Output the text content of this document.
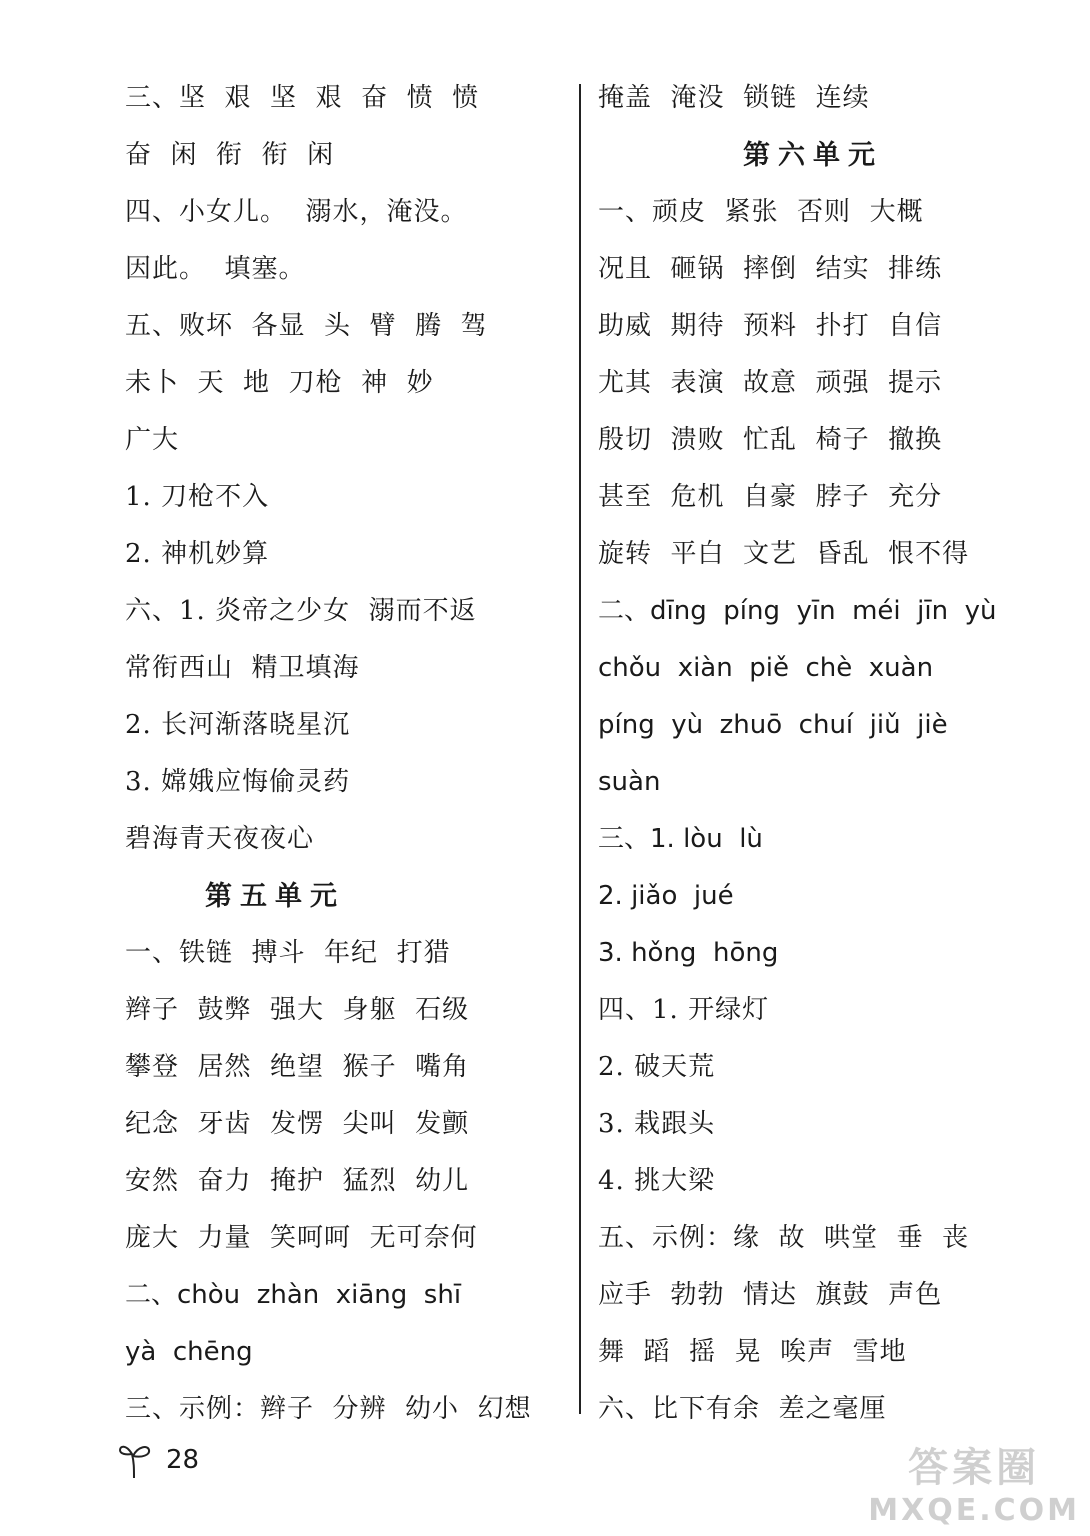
三、坚  艰  坚  艰  奋  愤  愤
奋  闲  衔  衔  闲
四、小女儿。  溺水，淹没。
因此。  填塞。
五、败坏  各显  头  臂  腾  驾
未卜  天  地  刀枪  神  妙
广大
1. 刀枪不入
2. 神机妙算
六、1. 炎帝之少女  溺而不返
常衔西山  精卫填海
2. 长河渐落晓星沉
3. 嫦娥应悔偷灵药
碧海青天夜夜心
第五单元
一、铁链  搏斗  年纪  打猎
辫子  鼓弊  强大  身躯  石级
攀登  居然  绝望  猴子  嘴角
纪念  牙齿  发愣  尖叫  发颤
安然  奋力  掩护  猛烈  幼儿
庞大  力量  笑呵呵  无可奈何
二、chòu  zhàn  xiāng  shī
yà  chēng
三、示例：辫子  分辨  幼小  幻想
掩盖  淹没  锁链  连续
第六单元
一、顽皮  紧张  否则  大概
况且  砸锅  摔倒  结实  排练
助威  期待  预料  扑打  自信
尤其  表演  故意  顽强  提示
殷切  溃败  忙乱  椅子  撤换
甚至  危机  自豪  脖子  充分
旋转  平白  文艺  昏乱  恨不得
二、dīng  píng  yīn  méi  jīn  yù
chǒu  xiàn  piě  chè  xuàn
píng  yù  zhuō  chuí  jiǔ  jiè
suàn
三、1. lòu  lù
2. jiǎo  jué
3. hǒng  hōng
四、1. 开绿灯
2. 破天荒
3. 栽跟头
4. 挑大梁
五、示例：缘  故  哄堂  垂  丧
应手  勃勃  情达  旗鼓  声色
舞  蹈  摇  晃  唉声  雪地
六、比下有余  差之毫厘
28	答案圈
MXQE.COM
